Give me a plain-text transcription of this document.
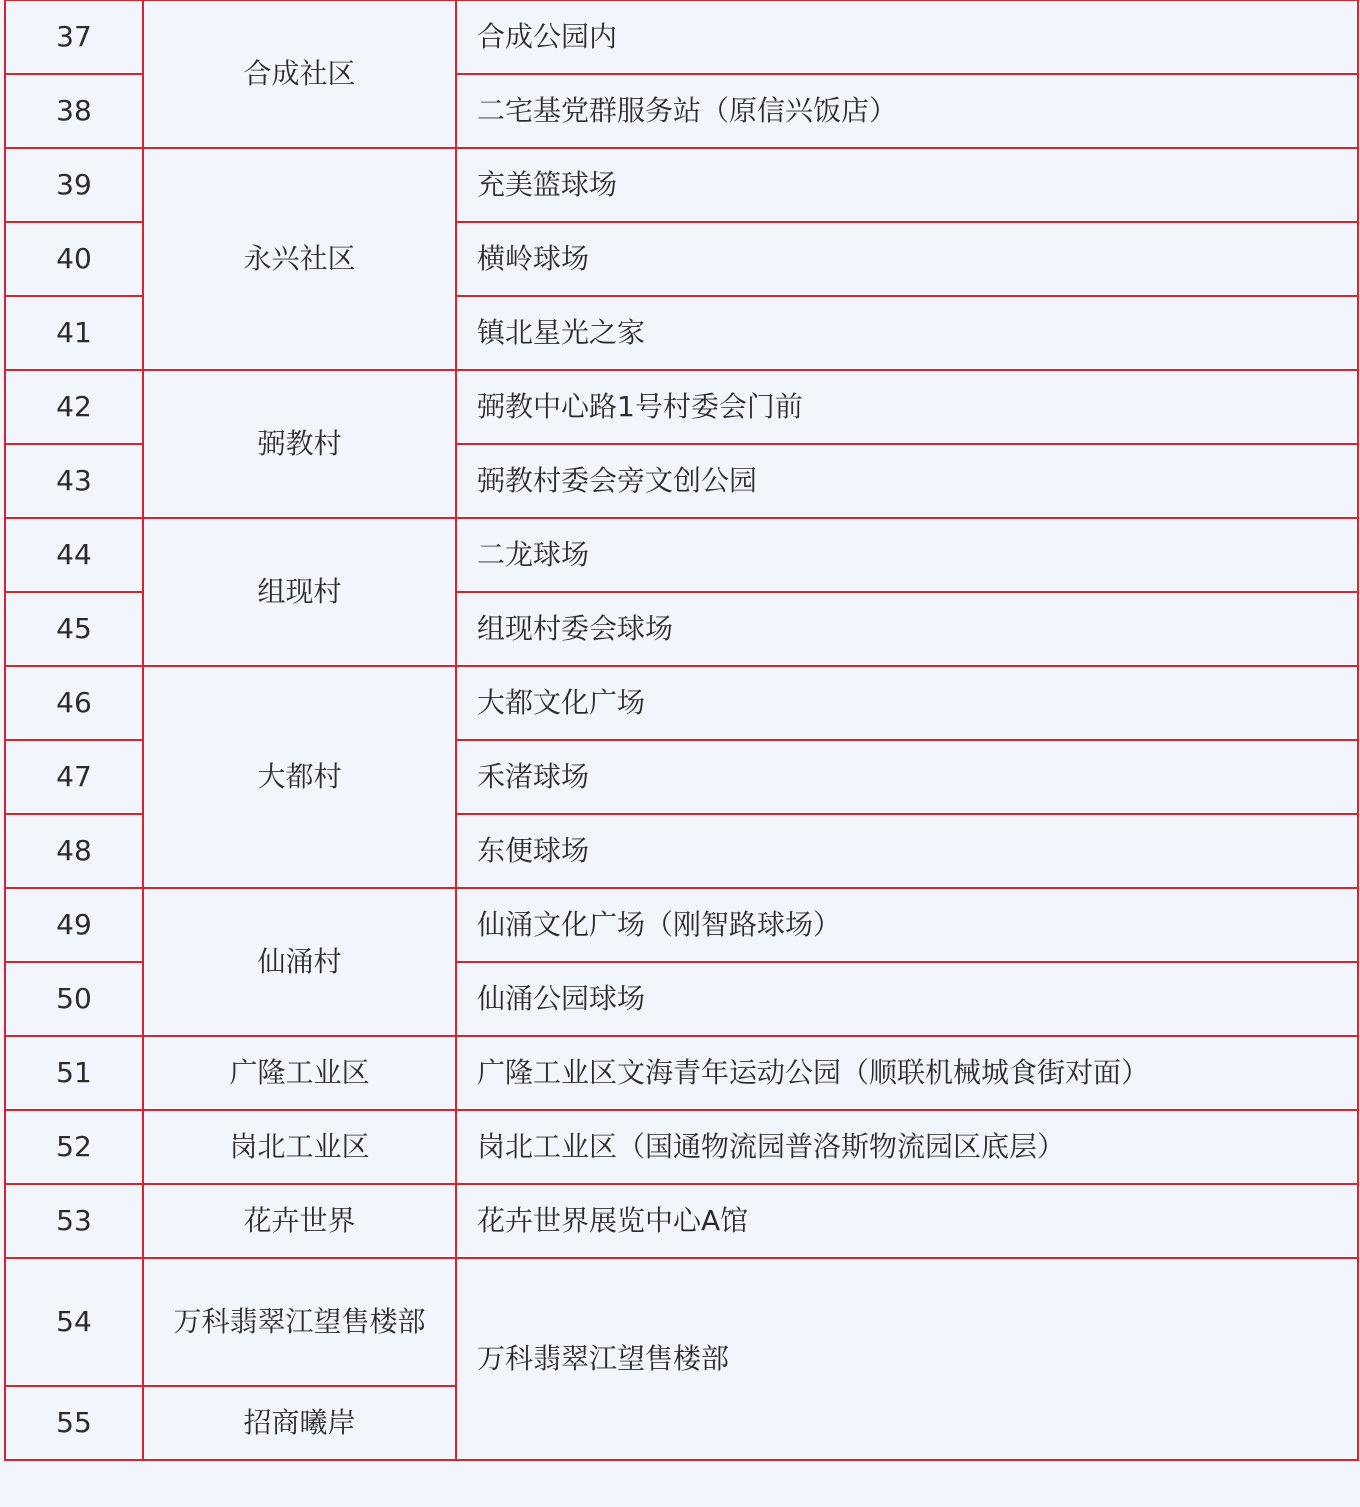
37	合成社区	合成公园内
38		二宅基党群服务站（原信兴饭店）
39	永兴社区	充美篮球场
40		横岭球场
41		镇北星光之家
42	弼教村	弼教中心路1号村委会门前
43		弼教村委会旁文创公园
44	组现村	二龙球场
45		组现村委会球场
46	大都村	大都文化广场
47		禾渚球场
48		东便球场
49	仙涌村	仙涌文化广场（刚智路球场）
50		仙涌公园球场
51	广隆工业区	广隆工业区文海青年运动公园（顺联机械城食街对面）
52	岗北工业区	岗北工业区（国通物流园普洛斯物流园区底层）
53	花卉世界	花卉世界展览中心A馆
54	万科翡翠江望售楼部	万科翡翠江望售楼部
55	招商曦岸	
